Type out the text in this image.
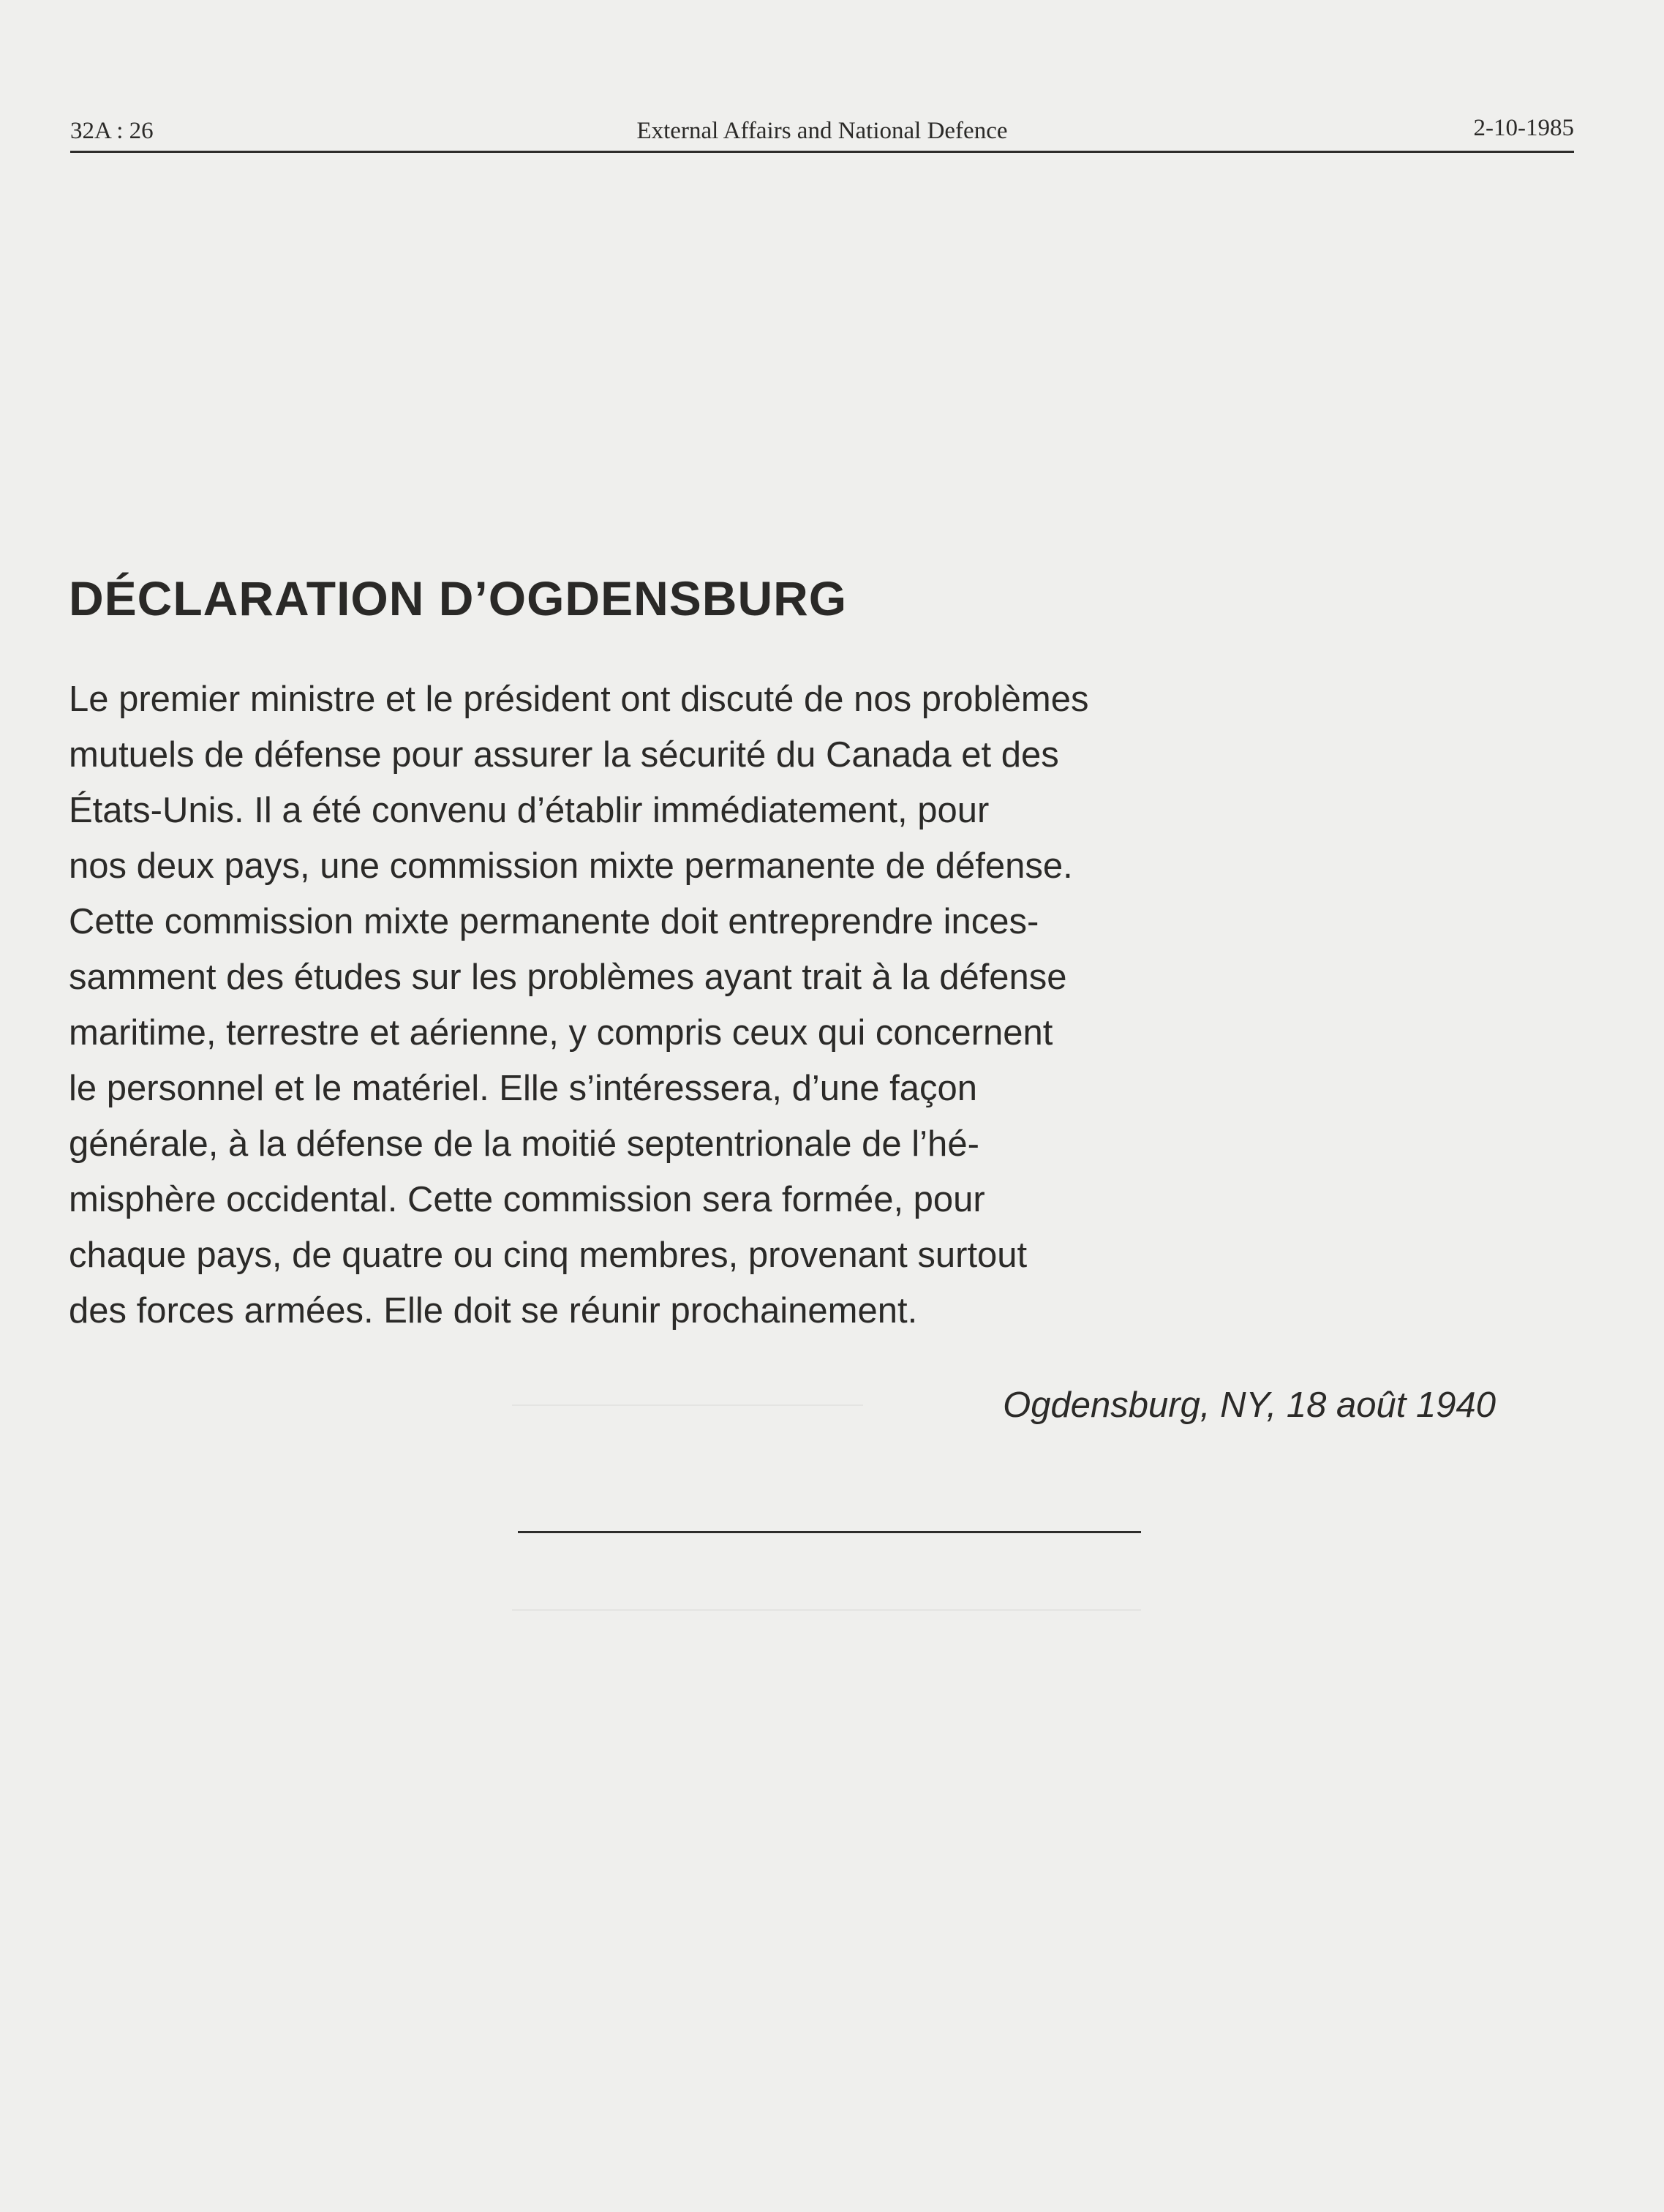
32A : 26	External Affairs and National Defence	2-10-1985
DÉCLARATION D’OGDENSBURG
Le premier ministre et le président ont discuté de nos problèmes
mutuels de défense pour assurer la sécurité du Canada et des
États-Unis. Il a été convenu d’établir immédiatement, pour
nos deux pays, une commission mixte permanente de défense.
Cette commission mixte permanente doit entreprendre inces-
samment des études sur les problèmes ayant trait à la défense
maritime, terrestre et aérienne, y compris ceux qui concernent
le personnel et le matériel. Elle s’intéressera, d’une façon
générale, à la défense de la moitié septentrionale de l’hé-
misphère occidental. Cette commission sera formée, pour
chaque pays, de quatre ou cinq membres, provenant surtout
des forces armées. Elle doit se réunir prochainement.
Ogdensburg, NY, 18 août 1940
